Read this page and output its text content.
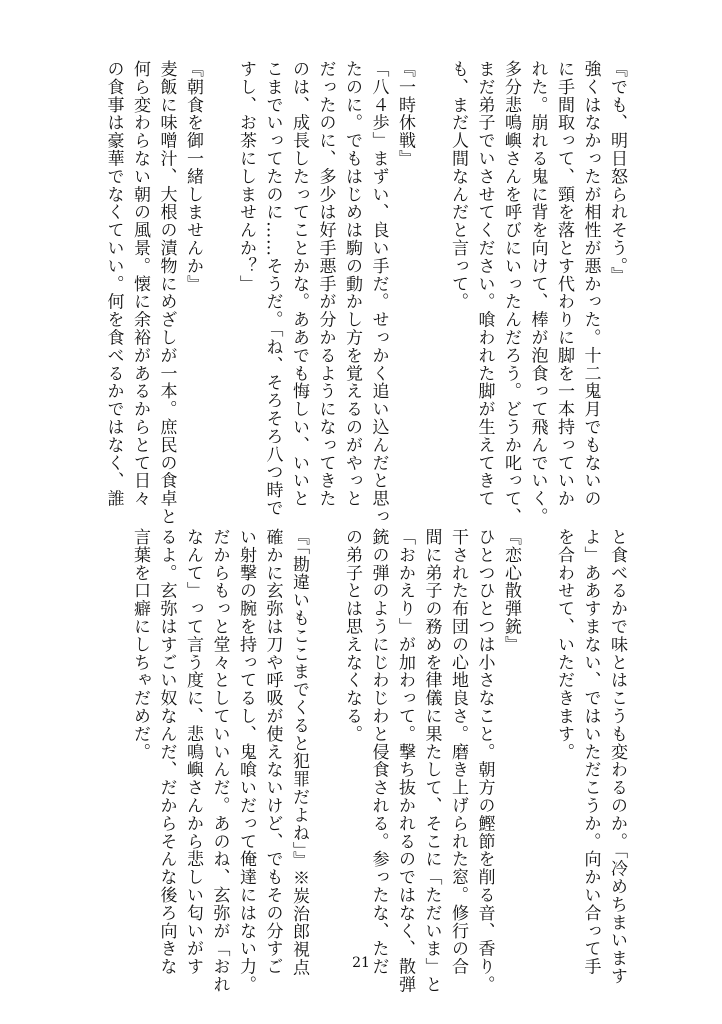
『でも、明日怒られそう。』
強くはなかったが相性が悪かった。十二鬼月でもないの
に手間取って、頸を落とす代わりに脚を一本持っていか
れた。崩れる鬼に背を向けて、棒が泡食って飛んでいく。
多分悲鳴嶼さんを呼びにいったんだろう。どうか叱って、
まだ弟子でいさせてください。喰われた脚が生えてきて
も、まだ人間なんだと言って。

『一時休戦』
「八４歩」まずい、良い手だ。せっかく追い込んだと思っ
たのに。でもはじめは駒の動かし方を覚えるのがやっと
だったのに、多少は好手悪手が分かるようになってきた
のは、成長したってことかな。ああでも悔しい、いいと
こまでいってたのに……そうだ。「ね、そろそろ八つ時で
すし、お茶にしませんか？」

『朝食を御一緒しませんか』
麦飯に味噌汁、大根の漬物にめざしが一本。庶民の食卓と
何ら変わらない朝の風景。懐に余裕があるからとて日々
の食事は豪華でなくていい。何を食べるかではなく、誰
と食べるかで味とはこうも変わるのか。「冷めちまいます
よ」ああすまない、ではいただこうか。向かい合って手
を合わせて、いただきます。

『恋心散弾銃』
ひとつひとつは小さなこと。朝方の鰹節を削る音、香り。
干された布団の心地良さ。磨き上げられた窓。修行の合
間に弟子の務めを律儀に果たして、そこに「ただいま」と
「おかえり」が加わって。撃ち抜かれるのではなく、散弾
銃の弾のようにじわじわと侵食される。参ったな、ただ
の弟子とは思えなくなる。

『「勘違いもここまでくると犯罪だよね」』※炭治郎視点
確かに玄弥は刀や呼吸が使えないけど、でもその分すご
い射撃の腕を持ってるし、鬼喰いだって俺達にはない力。
だからもっと堂々としていいんだ。あのね、玄弥が「おれ
なんて」って言う度に、悲鳴嶼さんから悲しい匂いがす
るよ。玄弥はすごい奴なんだ、だからそんな後ろ向きな
言葉を口癖にしちゃだめだ。
21
